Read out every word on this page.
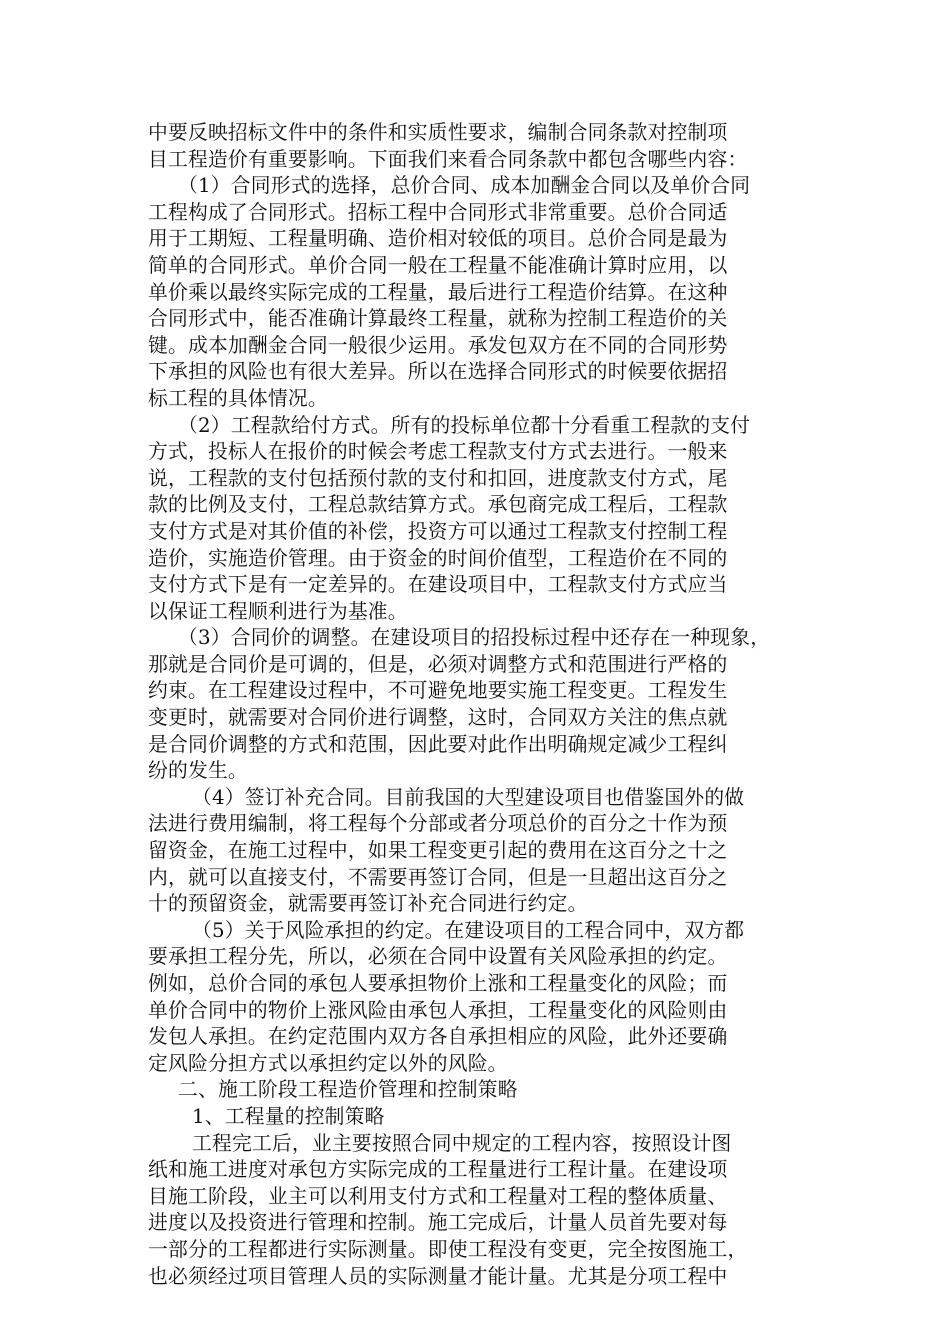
中要反映招标文件中的条件和实质性要求，编制合同条款对控制项
目工程造价有重要影响。下面我们来看合同条款中都包含哪些内容：
（1）合同形式的选择，总价合同、成本加酬金合同以及单价合同
工程构成了合同形式。招标工程中合同形式非常重要。总价合同适
用于工期短、工程量明确、造价相对较低的项目。总价合同是最为
简单的合同形式。单价合同一般在工程量不能准确计算时应用，以
单价乘以最终实际完成的工程量，最后进行工程造价结算。在这种
合同形式中，能否准确计算最终工程量，就称为控制工程造价的关
键。成本加酬金合同一般很少运用。承发包双方在不同的合同形势
下承担的风险也有很大差异。所以在选择合同形式的时候要依据招
标工程的具体情况。
（2）工程款给付方式。所有的投标单位都十分看重工程款的支付
方式，投标人在报价的时候会考虑工程款支付方式去进行。一般来
说，工程款的支付包括预付款的支付和扣回，进度款支付方式，尾
款的比例及支付，工程总款结算方式。承包商完成工程后，工程款
支付方式是对其价值的补偿，投资方可以通过工程款支付控制工程
造价，实施造价管理。由于资金的时间价值型，工程造价在不同的
支付方式下是有一定差异的。在建设项目中，工程款支付方式应当
以保证工程顺利进行为基准。
（3）合同价的调整。在建设项目的招投标过程中还存在一种现象，
那就是合同价是可调的，但是，必须对调整方式和范围进行严格的
约束。在工程建设过程中，不可避免地要实施工程变更。工程发生
变更时，就需要对合同价进行调整，这时，合同双方关注的焦点就
是合同价调整的方式和范围，因此要对此作出明确规定减少工程纠
纷的发生。
（4）签订补充合同。目前我国的大型建设项目也借鉴国外的做
法进行费用编制，将工程每个分部或者分项总价的百分之十作为预
留资金，在施工过程中，如果工程变更引起的费用在这百分之十之
内，就可以直接支付，不需要再签订合同，但是一旦超出这百分之
十的预留资金，就需要再签订补充合同进行约定。
（5）关于风险承担的约定。在建设项目的工程合同中，双方都
要承担工程分先，所以，必须在合同中设置有关风险承担的约定。
例如，总价合同的承包人要承担物价上涨和工程量变化的风险；而
单价合同中的物价上涨风险由承包人承担，工程量变化的风险则由
发包人承担。在约定范围内双方各自承担相应的风险，此外还要确
定风险分担方式以承担约定以外的风险。
二、施工阶段工程造价管理和控制策略
1、工程量的控制策略
工程完工后，业主要按照合同中规定的工程内容，按照设计图
纸和施工进度对承包方实际完成的工程量进行工程计量。在建设项
目施工阶段，业主可以利用支付方式和工程量对工程的整体质量、
进度以及投资进行管理和控制。施工完成后，计量人员首先要对每
一部分的工程都进行实际测量。即使工程没有变更，完全按图施工，
也必须经过项目管理人员的实际测量才能计量。尤其是分项工程中
